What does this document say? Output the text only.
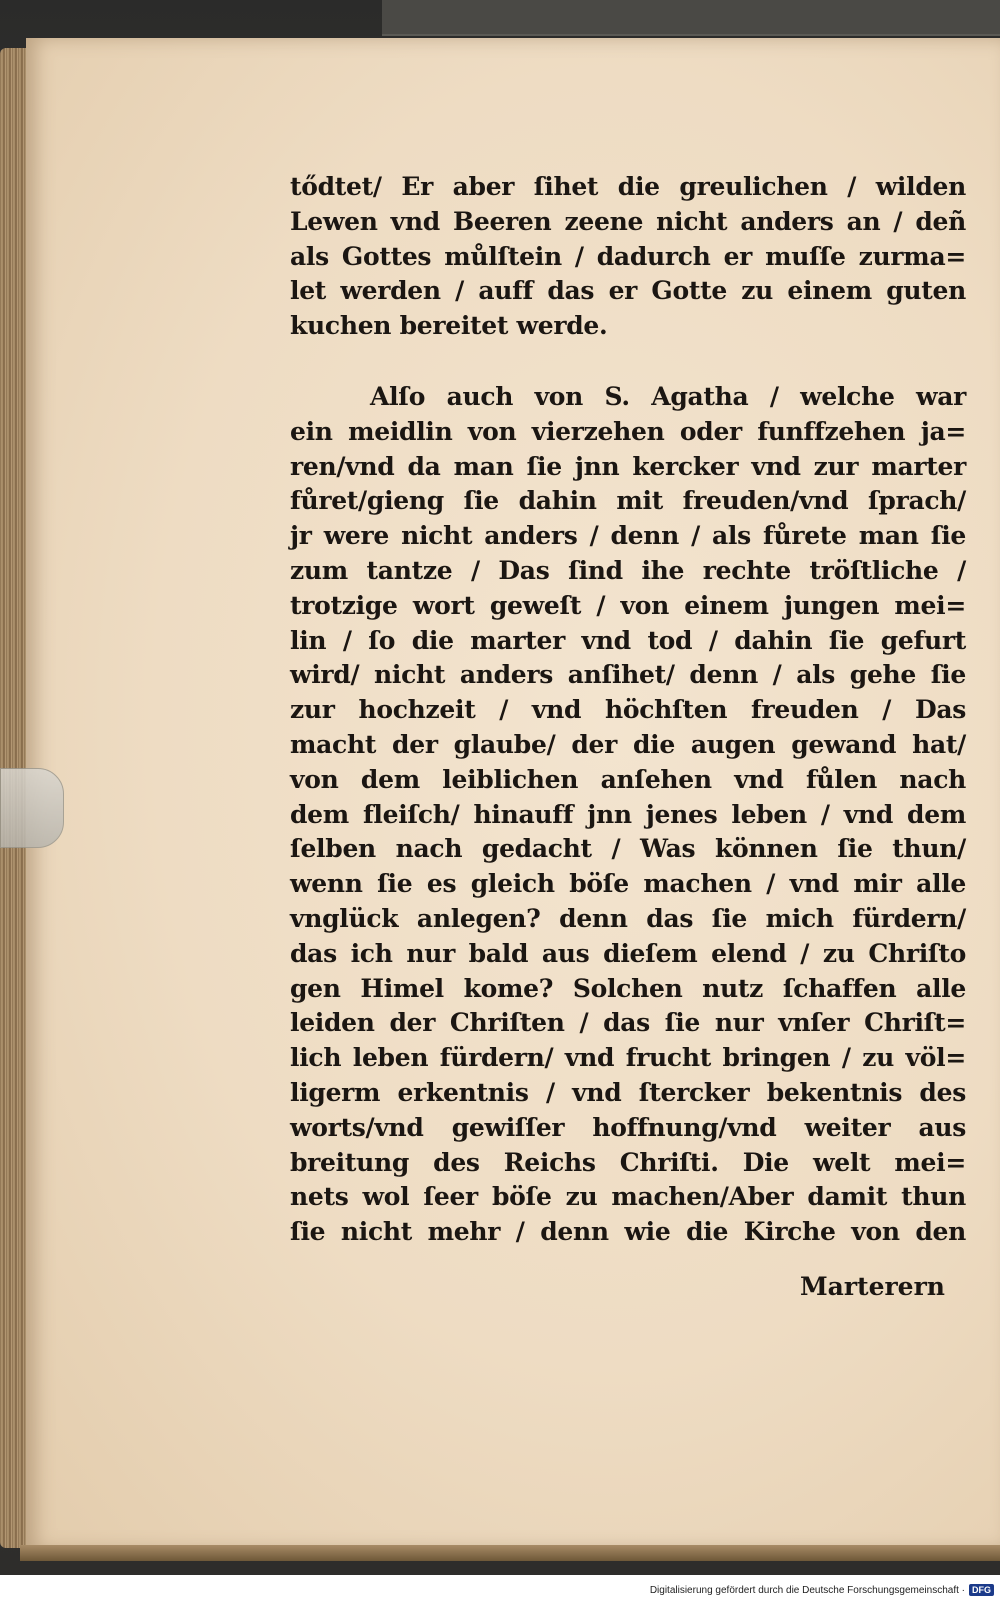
tődtet/ Er aber ſihet die greulichen / wilden
Lewen vnd Beeren zeene nicht anders an / deñ
als Gottes můlſtein / dadurch er muſſe zurma=
let werden / auff das er Gotte zu einem guten
kuchen bereitet werde.
Alſo auch von S. Agatha / welche war
ein meidlin von vierzehen oder funffzehen ja=
ren/vnd da man ſie jnn kercker vnd zur marter
fůret/gieng ſie dahin mit freuden/vnd ſprach/
jr were nicht anders / denn / als fůrete man ſie
zum tantze / Das ſind ihe rechte tröſtliche /
trotzige wort geweſt / von einem jungen mei=
lin / ſo die marter vnd tod / dahin ſie gefurt
wird/ nicht anders anſihet/ denn / als gehe ſie
zur hochzeit / vnd höchſten freuden / Das
macht der glaube/ der die augen gewand hat/
von dem leiblichen anſehen vnd fůlen nach
dem fleiſch/ hinauff jnn jenes leben / vnd dem
ſelben nach gedacht / Was können ſie thun/
wenn ſie es gleich böſe machen / vnd mir alle
vnglück anlegen? denn das ſie mich fürdern/
das ich nur bald aus dieſem elend / zu Chriſto
gen Himel kome? Solchen nutz ſchaffen alle
leiden der Chriſten / das ſie nur vnſer Chriſt=
lich leben fürdern/ vnd frucht bringen / zu völ=
ligerm erkentnis / vnd ſtercker bekentnis des
worts/vnd gewiſſer hoffnung/vnd weiter aus
breitung des Reichs Chriſti. Die welt mei=
nets wol ſeer böſe zu machen/Aber damit thun
ſie nicht mehr / denn wie die Kirche von den
Marterern
Digitalisierung gefördert durch die Deutsche Forschungsgemeinschaft · DFG
